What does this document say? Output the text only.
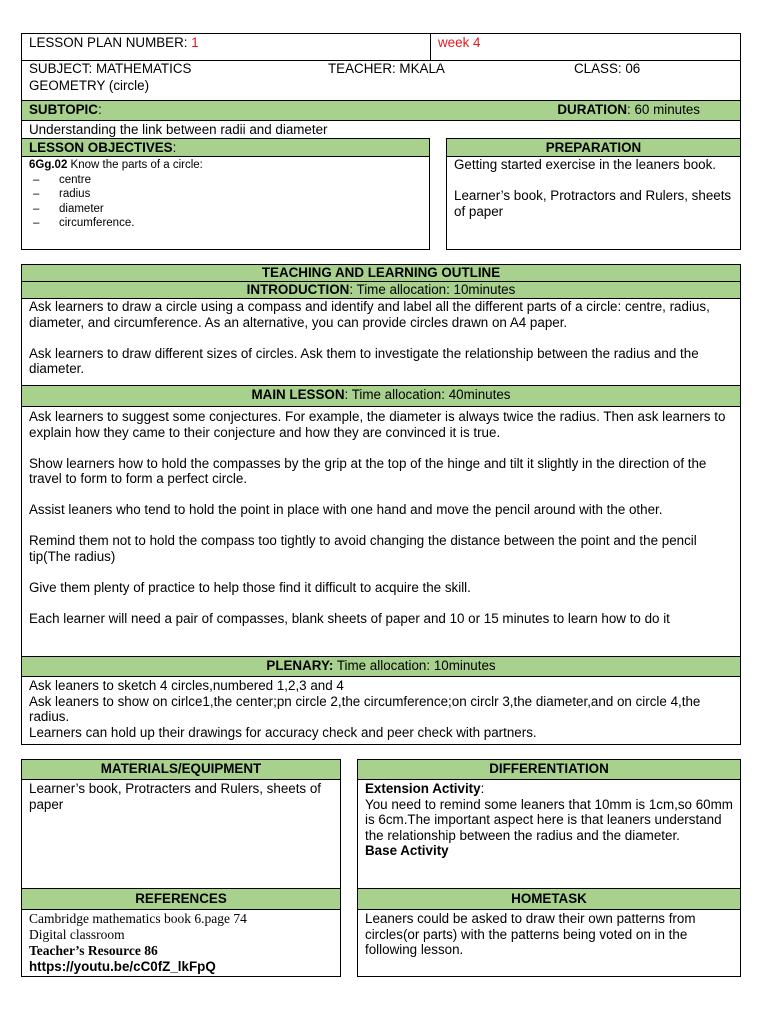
LESSON PLAN NUMBER: 1	week 4
SUBJECT: MATHEMATICS	TEACHER: MKALA	CLASS: 06
GEOMETRY (circle)
SUBTOPIC:	DURATION: 60 minutes
Understanding the link between radii and diameter
LESSON OBJECTIVES:
6Gg.02 Know the parts of a circle:
– centre
– radius
– diameter
– circumference.
PREPARATION

Getting started exercise in the leaners book.

Learner’s book, Protractors and Rulers, sheets of paper

TEACHING AND LEARNING OUTLINE
INTRODUCTION: Time allocation: 10minutes

Ask learners to draw a circle using a compass and identify and label all the different parts of a circle: centre, radius, diameter, and circumference. As an alternative, you can provide circles drawn on A4 paper.

Ask learners to draw different sizes of circles. Ask them to investigate the relationship between the radius and the diameter.

MAIN LESSON: Time allocation: 40minutes

Ask learners to suggest some conjectures. For example, the diameter is always twice the radius. Then ask learners to explain how they came to their conjecture and how they are convinced it is true.

Show learners how to hold the compasses by the grip at the top of the hinge and tilt it slightly in the direction of the travel to form to form a perfect circle.

Assist leaners who tend to hold the point in place with one hand and move the pencil around with the other.

Remind them not to hold the compass too tightly to avoid changing the distance between the point and the pencil tip(The radius)

Give them plenty of practice to help those find it difficult to acquire the skill.

Each learner will need a pair of compasses, blank sheets of paper and 10 or 15 minutes to learn how to do it

PLENARY: Time allocation: 10minutes

Ask leaners to sketch 4 circles,numbered 1,2,3 and 4

Ask leaners to show on cirlce1,the center;pn circle 2,the circumference;on circlr 3,the diameter,and on circle 4,the radius.

Learners can hold up their drawings for accuracy check and peer check with partners.

MATERIALS/EQUIPMENT

Learner’s book, Protracters and Rulers, sheets of paper

REFERENCES
Cambridge mathematics book 6.page 74
Digital classroom
Teacher’s Resource 86
https://youtu.be/cC0fZ_lkFpQ
DIFFERENTIATION

Extension Activity:

You need to remind some leaners that 10mm is 1cm,so 60mm is 6cm.The important aspect here is that leaners understand the relationship between the radius and the diameter.

Base Activity

HOMETASK

Leaners could be asked to draw their own patterns from circles(or parts) with the patterns being voted on in the following lesson.
